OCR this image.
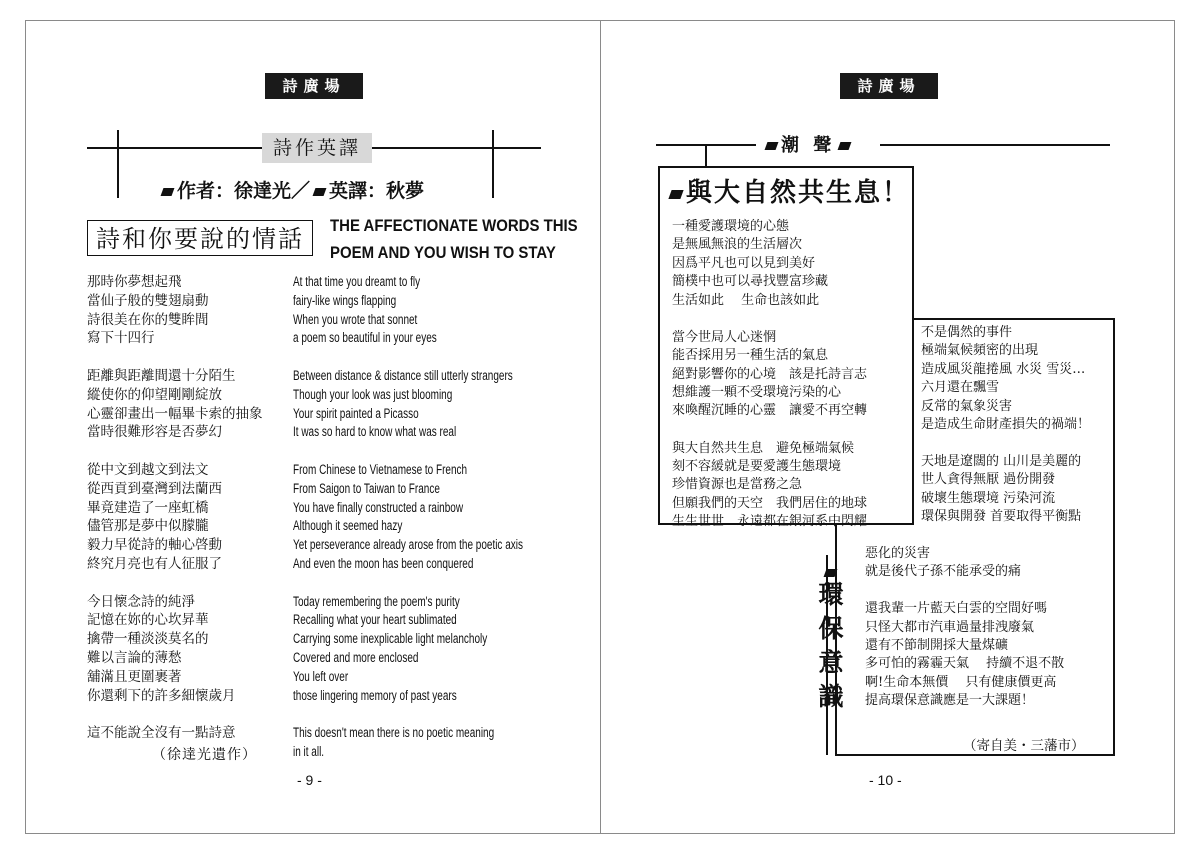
詩廣場
詩作英譯
作者：徐達光／ 英譯：秋夢
詩和你要說的情話	THE AFFECTIONATE WORDS THIS
POEM AND YOU WISH TO STAY
那時你夢想起飛
當仙子般的雙翅扇動
詩很美在你的雙眸間
寫下十四行
距離與距離間還十分陌生
縱使你的仰望剛剛綻放
心靈卻畫出一幅畢卡索的抽象
當時很難形容是否夢幻
從中文到越文到法文
從西貢到臺灣到法蘭西
畢竟建造了一座虹橋
儘管那是夢中似朦朧
毅力早從詩的軸心啓動
終究月亮也有人征服了
今日懷念詩的純淨
記憶在妳的心坎昇華
擒帶一種淡淡莫名的
難以言論的薄愁
舖滿且更圍裹著
你還剩下的許多細懷歲月
這不能說全沒有一點詩意
At that time you dreamt to fly
fairy-like wings flapping
When you wrote that sonnet
a poem so beautiful in your eyes
Between distance & distance still utterly strangers
Though your look was just blooming
Your spirit painted a Picasso
It was so hard to know what was real
From Chinese to Vietnamese to French
From Saigon to Taiwan to France
You have finally constructed a rainbow
Although it seemed hazy
Yet perseverance already arose from the poetic axis
And even the moon has been conquered
Today remembering the poem's purity
Recalling what your heart sublimated
Carrying some inexplicable light melancholy
Covered and more enclosed
You left over
those lingering memory of past years
This doesn't mean there is no poetic meaning
in it all.
（徐達光遺作）
- 9 -
詩廣場
潮 聲
不是偶然的事件
極端氣候頻密的出現
造成風災龍捲風 水災 雪災…
六月還在飄雪
反常的氣象災害
是造成生命財產損失的禍端！

天地是遼闊的 山川是美麗的
世人貪得無厭 過份開發
破壞生態環境 污染河流
環保與開發 首要取得平衡點
惡化的災害
就是後代子孫不能承受的痛

還我輩一片藍天白雲的空間好嗎
只怪大都市汽車過量排洩廢氣
還有不節制開採大量煤礦
多可怕的霧霾天氣　 持續不退不散
啊!生命本無價　 只有健康價更高
提高環保意識應是一大課題！
環
保
意
識
與大自然共生息！
一種愛護環境的心態
是無風無浪的生活層次
因爲平凡也可以見到美好
簡樸中也可以尋找豐富珍藏
生活如此　 生命也該如此
當今世局人心迷惘
能否採用另一種生活的氣息
絕對影響你的心境　該是托詩言志
想維護一顆不受環境污染的心
來喚醒沉睡的心靈　讓愛不再空轉
與大自然共生息　避免極端氣候
刻不容緩就是要愛護生態環境
珍惜資源也是當務之急
但願我們的天空　我們居住的地球
生生世世　永遠都在銀河系中閃耀
（寄自美・三藩市）
- 10 -
